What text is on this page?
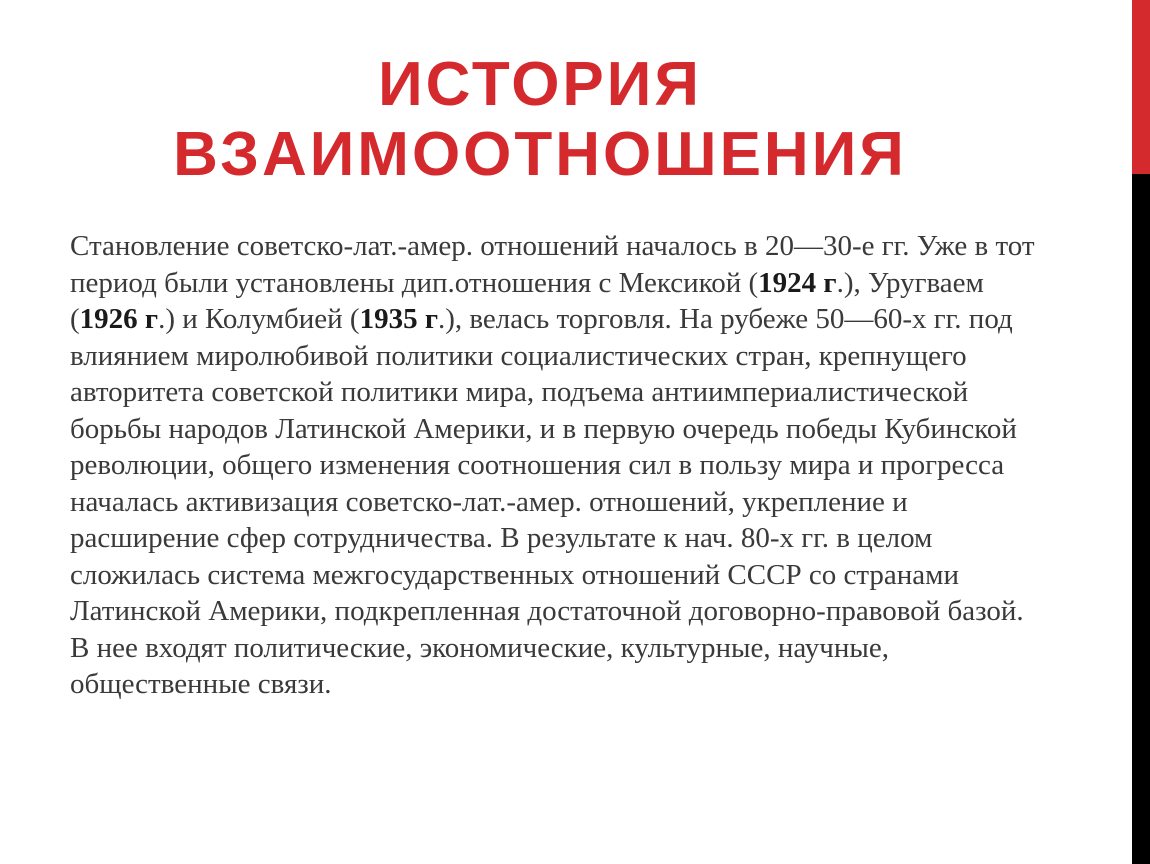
ИСТОРИЯ
ВЗАИМООТНОШЕНИЯ

Становление советско-лат.-амер. отношений началось в 20—30-е гг. Уже в тот период были установлены дип.отношения с Мексикой (1924 г.), Уругваем (1926 г.) и Колумбией (1935 г.), велась торговля. На рубеже 50—60-х гг. под влиянием миролюбивой политики социалистических стран, крепнущего авторитета советской политики мира, подъема антиимпериалистической борьбы народов Латинской Америки, и в первую очередь победы Кубинской революции, общего изменения соотношения сил в пользу мира и прогресса началась активизация советско-лат.-амер. отношений, укрепление и расширение сфер сотрудничества. В результате к нач. 80-х гг. в целом сложилась система межгосударственных отношений СССР со странами Латинской Америки, подкрепленная достаточной договорно-правовой базой. В нее входят политические, экономические, культурные, научные, общественные связи.
